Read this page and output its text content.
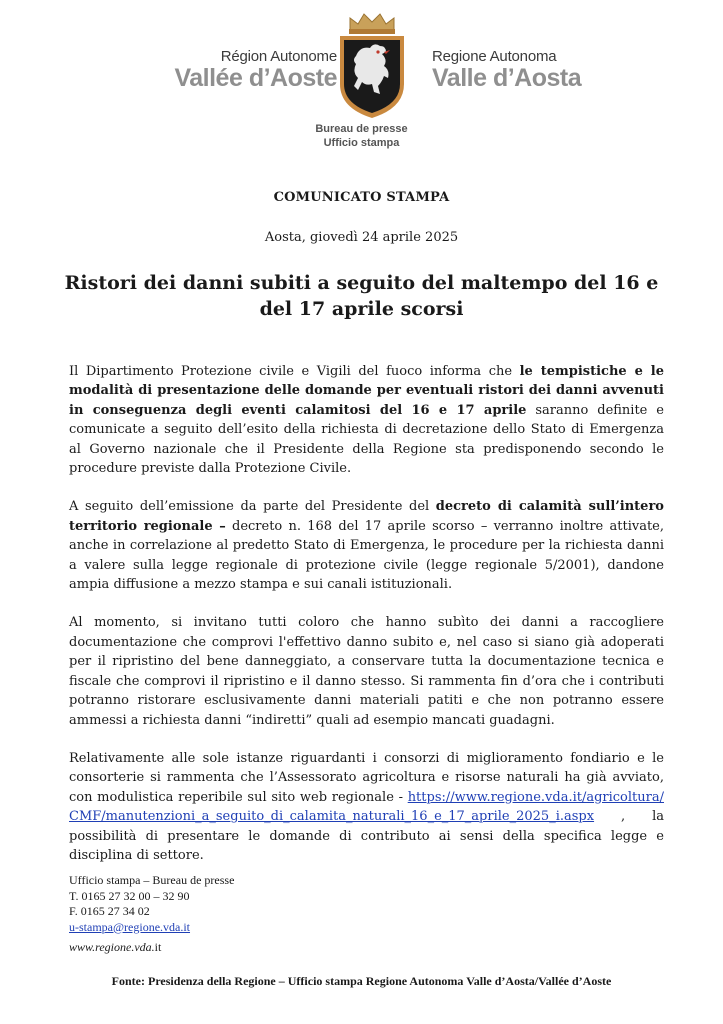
Région Autonome
Vallée d’Aoste
Regione Autonoma
Valle d’Aosta
Bureau de presse
Ufficio stampa
COMUNICATO STAMPA
Aosta, giovedì 24 aprile 2025
Ristori dei danni subiti a seguito del maltempo del 16 e del 17 aprile scorsi

Il Dipartimento Protezione civile e Vigili del fuoco informa che le tempistiche e le modalità di presentazione delle domande per eventuali ristori dei danni avvenuti in conseguenza degli eventi calamitosi del 16 e 17 aprile saranno definite e comunicate a seguito dell’esito della richiesta di decretazione dello Stato di Emergenza al Governo nazionale che il Presidente della Regione sta predisponendo secondo le procedure previste dalla Protezione Civile.

A seguito dell’emissione da parte del Presidente del decreto di calamità sull’intero territorio regionale – decreto n. 168 del 17 aprile scorso – verranno inoltre attivate, anche in correlazione al predetto Stato di Emergenza, le procedure per la richiesta danni a valere sulla legge regionale di protezione civile (legge regionale 5/2001), dandone ampia diffusione a mezzo stampa e sui canali istituzionali.

Al momento, si invitano tutti coloro che hanno subìto dei danni a raccogliere documentazione che comprovi l'effettivo danno subito e, nel caso si siano già adoperati per il ripristino del bene danneggiato, a conservare tutta la documentazione tecnica e fiscale che comprovi il ripristino e il danno stesso. Si rammenta fin d’ora che i contributi potranno ristorare esclusivamente danni materiali patiti e che non potranno essere ammessi a richiesta danni “indiretti” quali ad esempio mancati guadagni.

Relativamente alle sole istanze riguardanti i consorzi di miglioramento fondiario e le consorterie si rammenta che l’Assessorato agricoltura e risorse naturali ha già avviato, con modulistica reperibile sul sito web regionale - https://www.regione.vda.it/agricoltura/CMF/manutenzioni_a_seguito_di_calamita_naturali_16_e_17_aprile_2025_i.aspx , la possibilità di presentare le domande di contributo ai sensi della specifica legge e disciplina di settore.

Ufficio stampa – Bureau de presse
T. 0165 27 32 00 – 32 90
F. 0165 27 34 02
u-stampa@regione.vda.it
www.regione.vda.it
Fonte: Presidenza della Regione – Ufficio stampa Regione Autonoma Valle d’Aosta/Vallée d’Aoste
